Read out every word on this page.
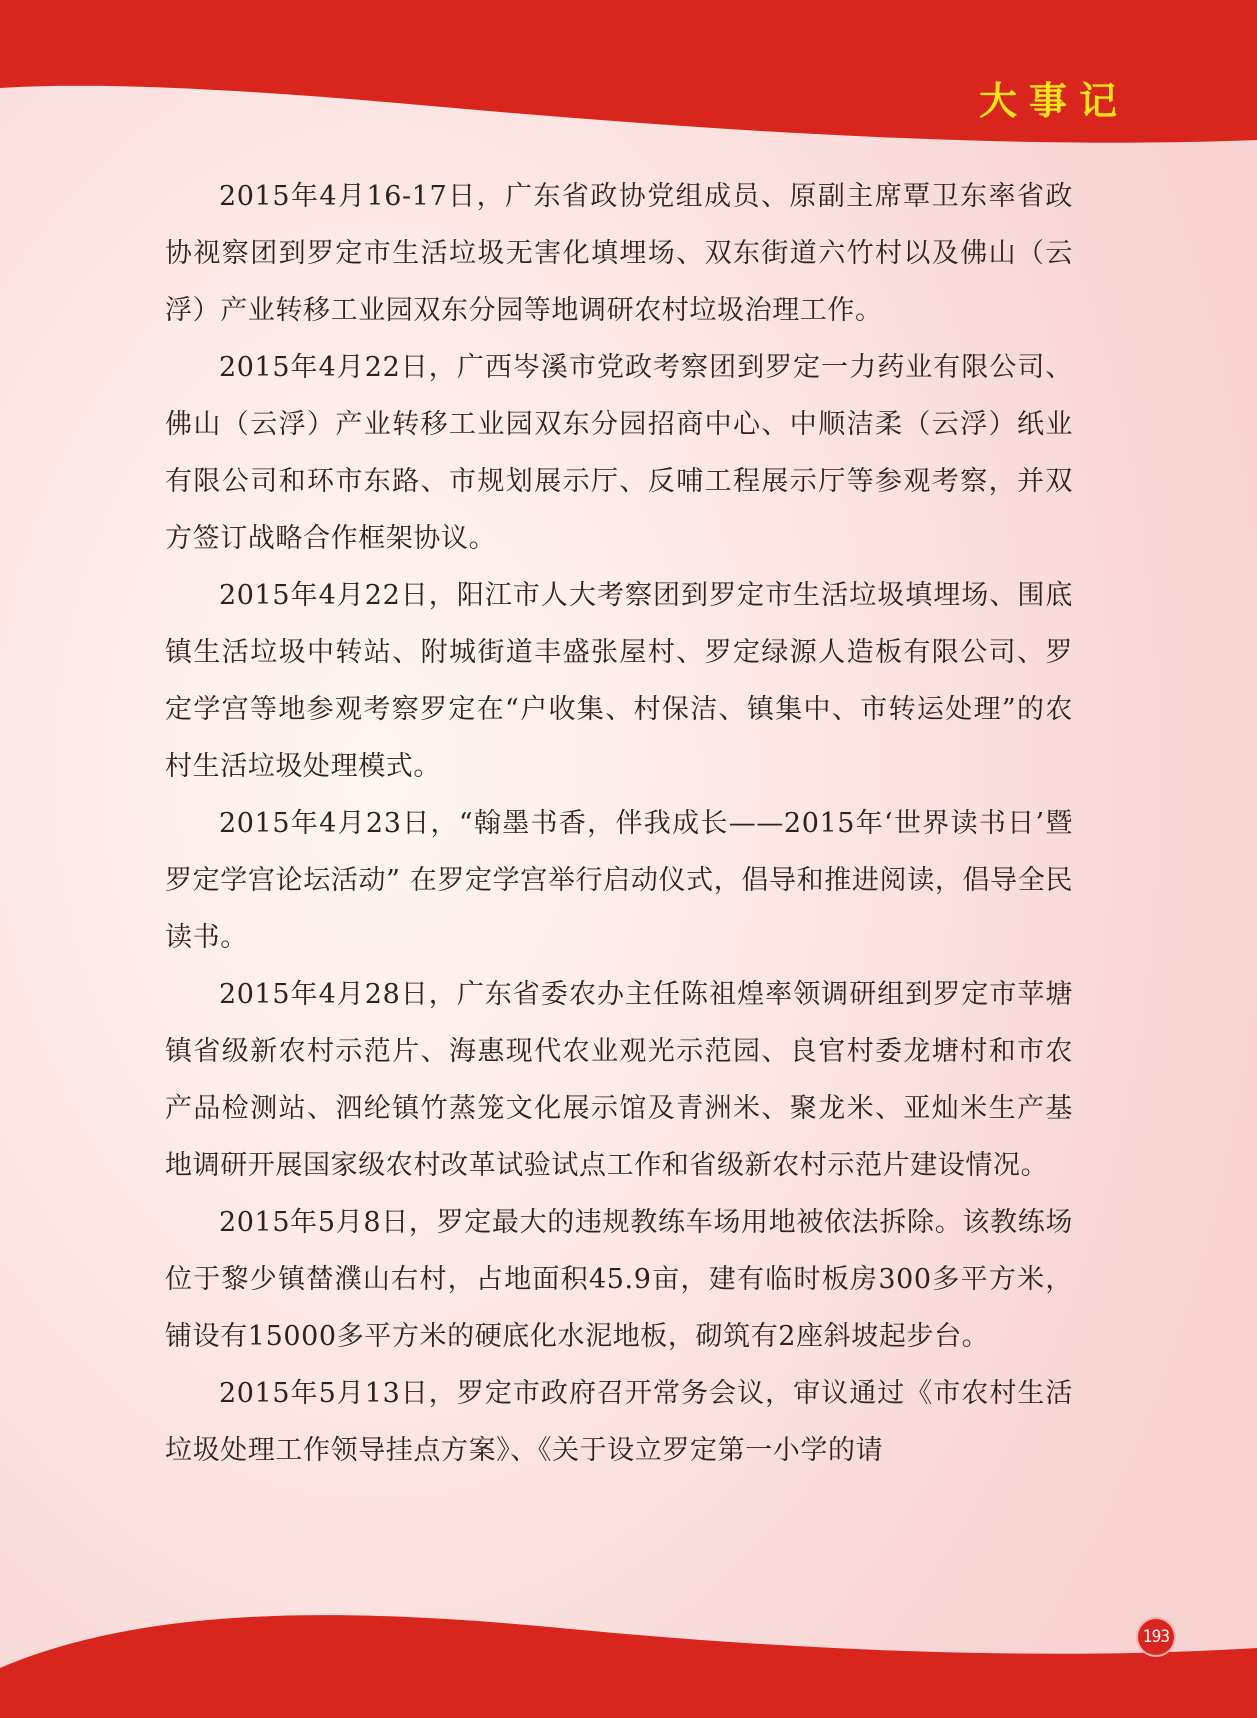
大事记

2015年4月16-17日，广东省政协党组成员、原副主席覃卫东率省政协视察团到罗定市生活垃圾无害化填埋场、双东街道六竹村以及佛山（云浮）产业转移工业园双东分园等地调研农村垃圾治理工作。

2015年4月22日，广西岑溪市党政考察团到罗定一力药业有限公司、佛山（云浮）产业转移工业园双东分园招商中心、中顺洁柔（云浮）纸业有限公司和环市东路、市规划展示厅、反哺工程展示厅等参观考察，并双方签订战略合作框架协议。

2015年4月22日，阳江市人大考察团到罗定市生活垃圾填埋场、围底镇生活垃圾中转站、附城街道丰盛张屋村、罗定绿源人造板有限公司、罗定学宫等地参观考察罗定在“户收集、村保洁、镇集中、市转运处理”的农村生活垃圾处理模式。

2015年4月23日，“翰墨书香，伴我成长——2015年‘世界读书日’暨罗定学宫论坛活动” 在罗定学宫举行启动仪式，倡导和推进阅读，倡导全民读书。

2015年4月28日，广东省委农办主任陈祖煌率领调研组到罗定市苹塘镇省级新农村示范片、海惠现代农业观光示范园、良官村委龙塘村和市农产品检测站、泗纶镇竹蒸笼文化展示馆及青洲米、聚龙米、亚灿米生产基地调研开展国家级农村改革试验试点工作和省级新农村示范片建设情况。

2015年5月8日，罗定最大的违规教练车场用地被依法拆除。该教练场位于黎少镇榃濮山右村，占地面积45.9亩，建有临时板房300多平方米，铺设有15000多平方米的硬底化水泥地板，砌筑有2座斜坡起步台。

2015年5月13日，罗定市政府召开常务会议，审议通过《市农村生活垃圾处理工作领导挂点方案》、《关于设立罗定第一小学的请

193
